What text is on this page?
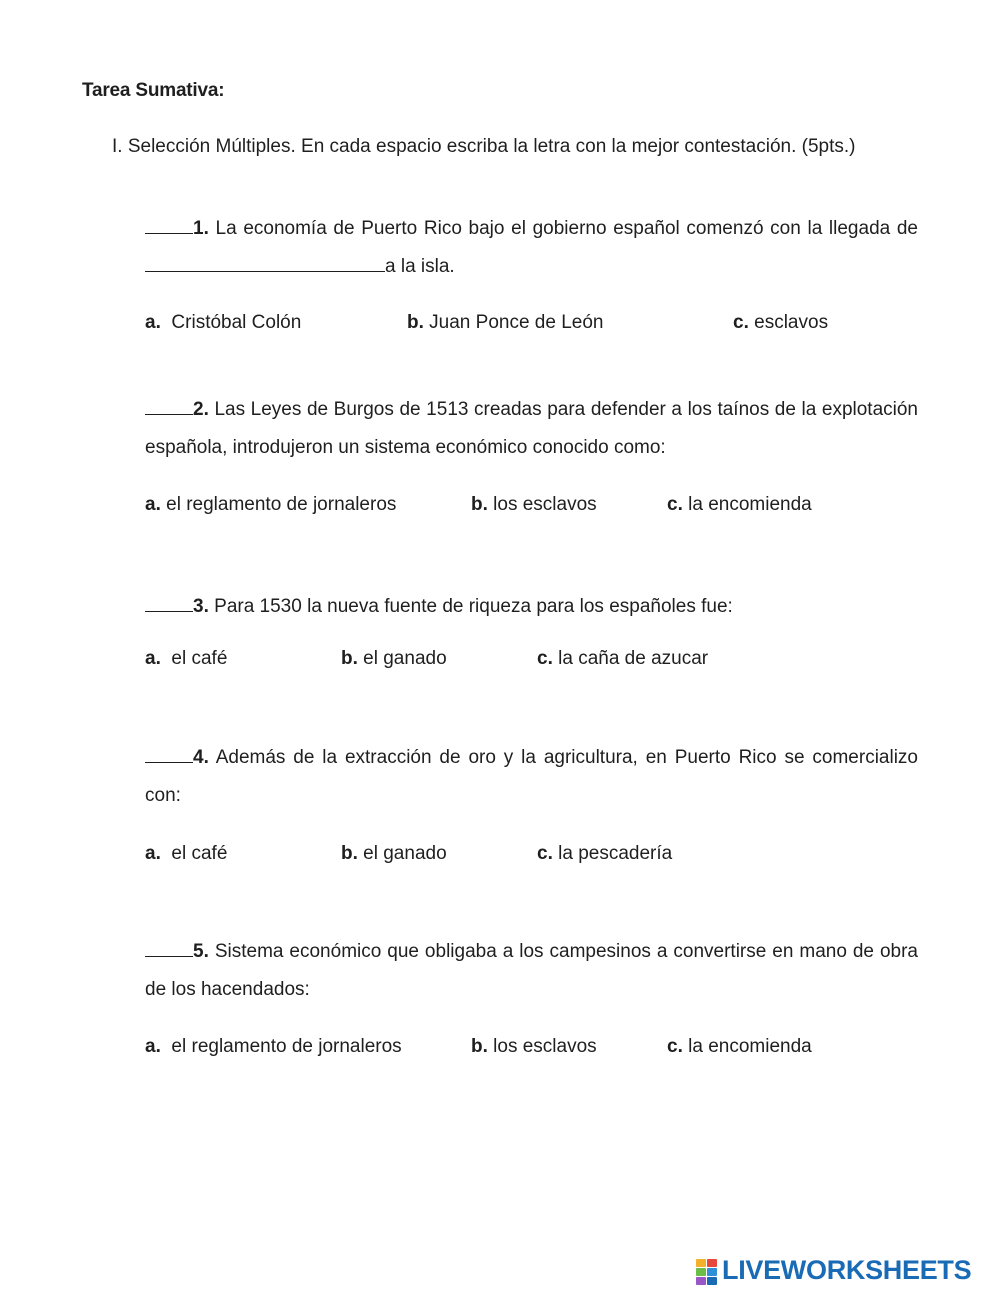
Tarea Sumativa:
I. Selección Múltiples. En cada espacio escriba la letra con la mejor contestación. (5pts.)
1. La economía de Puerto Rico bajo el gobierno español comenzó con la llegada dea la isla.
a. Cristóbal Colón	b. Juan Ponce de León	c. esclavos
2. Las Leyes de Burgos de 1513 creadas para defender a los taínos de la explotación española, introdujeron un sistema económico conocido como:
a. el reglamento de jornaleros	b. los esclavos	c. la encomienda
3. Para 1530 la nueva fuente de riqueza para los españoles fue:
a. el café	b. el ganado	c. la caña de azucar
4. Además de la extracción de oro y la agricultura, en Puerto Rico se comercializo con:
a. el café	b. el ganado	c. la pescadería
5. Sistema económico que obligaba a los campesinos a convertirse en mano de obra de los hacendados:
a. el reglamento de jornaleros	b. los esclavos	c. la encomienda
LIVEWORKSHEETS
